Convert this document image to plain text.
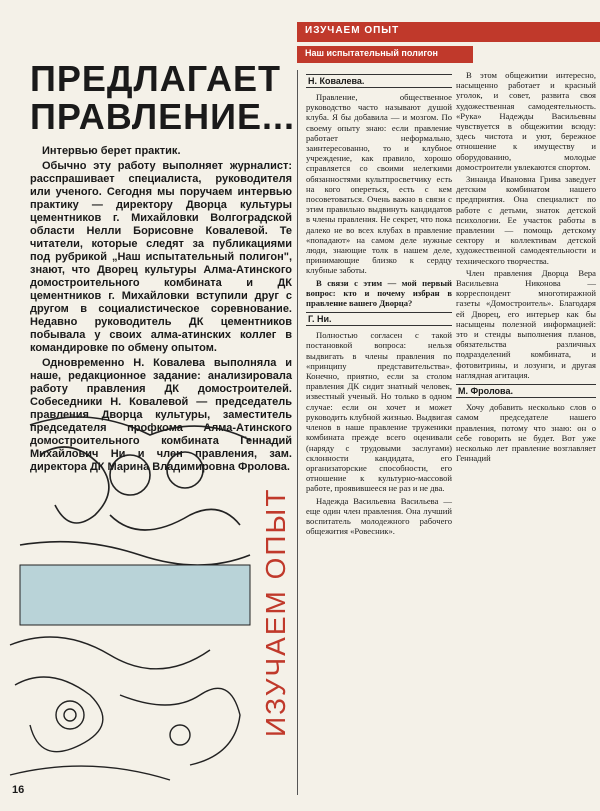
ИЗУЧАЕМ ОПЫТ
Наш испытательный полигон
ПРЕДЛАГАЕТ ПРАВЛЕНИЕ...

Интервью берет практик.

Обычно эту работу выполняет журналист: расспрашивает специалиста, руководителя или ученого. Сегодня мы поручаем интервью практику — директору Дворца культуры цементников г. Михайловки Волгоградской области Нелли Борисовне Ковалевой. Те читатели, которые следят за публикациями под рубрикой „Наш испытательный полигон", знают, что Дворец культуры Алма-Атинского домостроительного комбината и ДК цементников г. Михайловки вступили друг с другом в социалистическое соревнование. Недавно руководитель ДК цементников побывала у своих алма-атинских коллег в командировке по обмену опытом.

Одновременно Н. Ковалева выполняла и наше, редакционное задание: анализировала работу правления ДК домостроителей. Собеседники Н. Ковалевой — председатель правления Дворца культуры, заместитель председателя профкома Алма-Атинского домостроительного комбината Геннадий Михайлович Ни и член правления, зам. директора ДК Марина Владимировна Фролова.

ИЗУЧАЕМ ОПЫТ
16
Н. Ковалева.

Правление, общественное руководство часто называют душой клуба. Я бы добавила — и мозгом. По своему опыту знаю: если правление работает неформально, заинтересованно, то и клубное учреждение, как правило, хорошо справляется со своими нелегкими обязанностями культпросветчику есть на кого опереться, есть с кем посоветоваться. Очень важно в связи с этим правильно выдвинуть кандидатов в члены правления. Не секрет, что пока далеко не во всех клубах в правление «попадают» на самом деле нужные люди, знающие толк в нашем деле, принимающие близко к сердцу клубные заботы.

В связи с этим — мой первый вопрос: кто и почему избран в правление вашего Дворца?

Г. Ни.

Полностью согласен с такой постановкой вопроса: нельзя выдвигать в члены правления по «принципу представительства». Конечно, приятно, если за столом правления ДК сидит знатный человек, известный ученый. Но только в одном случае: если он хочет и может руководить клубной жизнью. Выдвигая членов в наше правление труженики комбината прежде всего оценивали (наряду с трудовыми заслугами) склонности кандидата, его организаторские способности, его отношение к культурно-массовой работе, проявившееся не раз и не два.

Надежда Васильевна Васильева — еще один член правления. Она лучший воспитатель молодежного рабочего общежития «Ровесник».

В этом общежитии интересно, насыщенно работает и красный уголок, и совет, развита своя художественная самодеятельность. «Рука» Надежды Васильевны чувствуется в общежитии всюду: здесь чистота и уют, бережное отношение к имуществу и оборудованию, молодые домостроители увлекаются спортом.

Зинаида Ивановна Грива заведует детским комбинатом нашего предприятия. Она специалист по работе с детьми, знаток детской психологии. Ее участок работы в правлении — помощь детскому сектору и коллективам детской художественной самодеятельности и технического творчества.

Член правления Дворца Вера Васильевна Никонова — корреспондент многотиражной газеты «Домостроитель». Благодаря ей Дворец, его интерьер как бы насыщены полезной информацией: это и стенды выполнения планов, обязательства различных подразделений комбината, и фотовитрины, и лозунги, и другая наглядная агитация.

М. Фролова.

Хочу добавить несколько слов о самом председателе нашего правления, потому что знаю: он о себе говорить не будет. Вот уже несколько лет правление возглавляет Геннадий
